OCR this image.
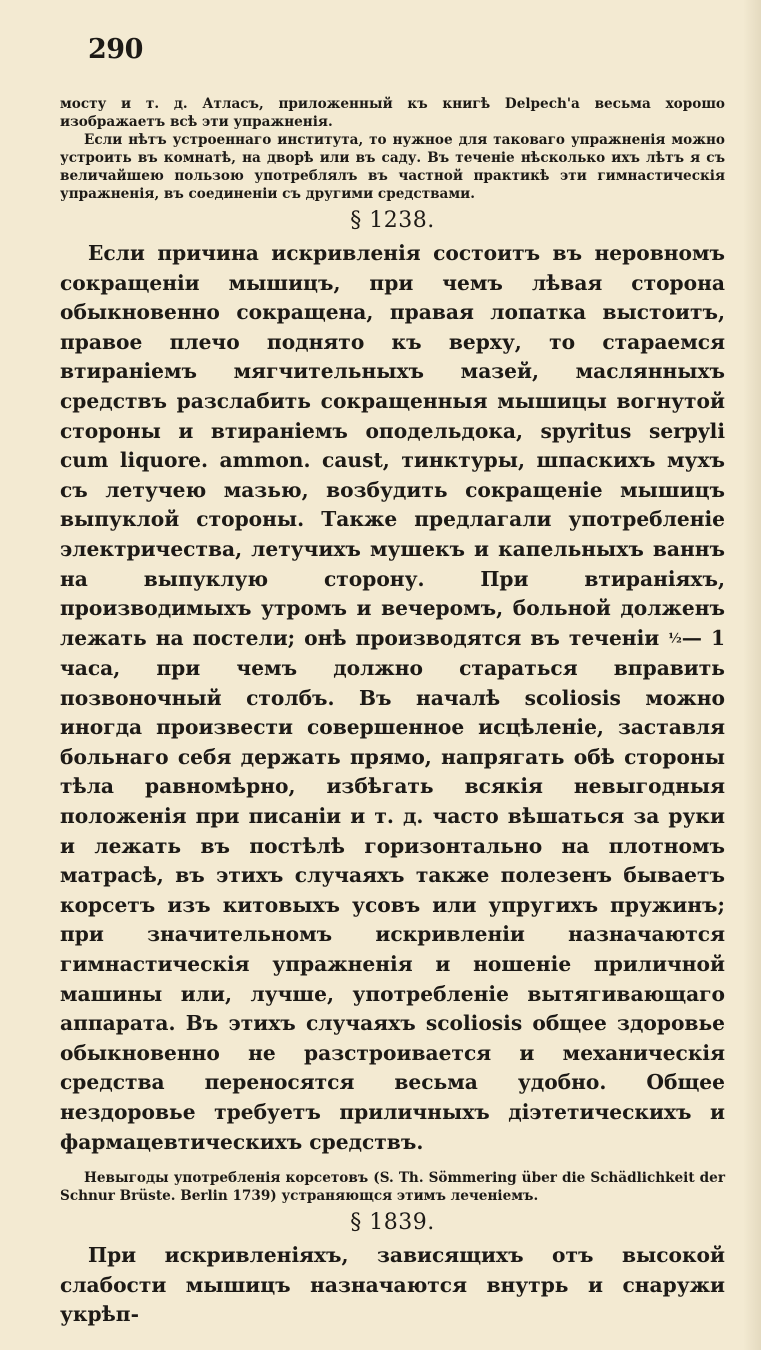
290

мосту и т. д. Атласъ, приложенный къ книгѣ Delpech'а весьма хорошо изображаетъ всѣ эти упражненія.

Если нѣтъ устроеннаго института, то нужное для таковаго упражненія можно устроить въ комнатѣ, на дворѣ или въ саду. Въ теченіе нѣсколько ихъ лѣтъ я съ величайшею пользою употреблялъ въ частной практикѣ эти гимнастическія упражненія, въ соединеніи съ другими средствами.

§ 1238.

Если причина искривленія состоитъ въ неровномъ сокращеніи мышицъ, при чемъ лѣвая сторона обыкновенно сокращена, правая лопатка выстоитъ, правое плечо поднято къ верху, то стараемся втираніемъ мягчительныхъ мазей, маслянныхъ средствъ разслабить сокращенныя мышицы вогнутой стороны и втираніемъ оподельдока, spyritus serpyli cum liquore. ammon. caust, тинктуры, шпаскихъ мухъ съ летучею мазью, возбудить сокращеніе мышицъ выпуклой стороны. Также предлагали употребленіе электричества, летучихъ мушекъ и капельныхъ ваннъ на выпуклую сторону. При втираніяхъ, производимыхъ утромъ и вечеромъ, больной долженъ лежать на постели; онѣ производятся въ теченіи ½— 1 часа, при чемъ должно стараться вправить позвоночный столбъ. Въ началѣ scoliosis можно иногда произвести совершенное исцѣленіе, заставля больнаго себя держать прямо, напрягать обѣ стороны тѣла равномѣрно, избѣгать всякія невыгодныя положенія при писаніи и т. д. часто вѣшаться за руки и лежать въ постѣлѣ горизонтально на плотномъ матрасѣ, въ этихъ случаяхъ также полезенъ бываетъ корсетъ изъ китовыхъ усовъ или упругихъ пружинъ; при значительномъ искривленіи назначаются гимнастическія упражненія и ношеніе приличной машины или, лучше, употребленіе вытягивающаго аппарата. Въ этихъ случаяхъ scoliosis общее здоровье обыкновенно не разстроивается и механическія средства переносятся весьма удобно. Общее нездоровье требуетъ приличныхъ діэтетическихъ и фармацевтическихъ средствъ.

Невыгоды употребленія корсетовъ (S. Th. Sömmering über die Schädlichkeit der Schnur Brüste. Berlin 1739) устраняющся этимъ леченіемъ.
§ 1839.

При искривленіяхъ, зависящихъ отъ высокой слабости мышицъ назначаются внутрь и снаружи укрѣп-
